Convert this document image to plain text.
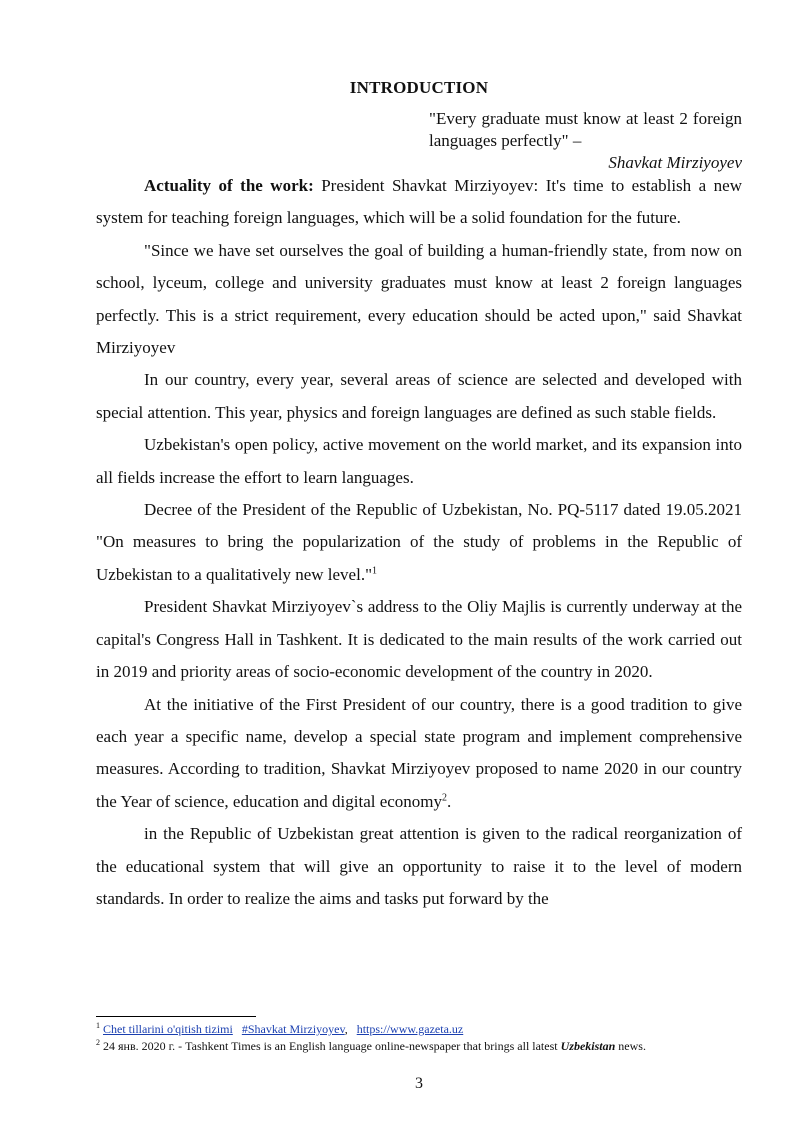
INTRODUCTION
"Every graduate must know at least 2 foreign languages perfectly" –
Shavkat Mirziyoyev

Actuality of the work: President Shavkat Mirziyoyev: It's time to establish a new system for teaching foreign languages, which will be a solid foundation for the future.

"Since we have set ourselves the goal of building a human-friendly state, from now on school, lyceum, college and university graduates must know at least 2 foreign languages perfectly. This is a strict requirement, every education should be acted upon," said Shavkat Mirziyoyev

In our country, every year, several areas of science are selected and developed with special attention. This year, physics and foreign languages are defined as such stable fields.

Uzbekistan's open policy, active movement on the world market, and its expansion into all fields increase the effort to learn languages.

Decree of the President of the Republic of Uzbekistan, No. PQ-5117 dated 19.05.2021 "On measures to bring the popularization of the study of problems in the Republic of Uzbekistan to a qualitatively new level."$^1$

President Shavkat Mirziyoyev`s address to the Oliy Majlis is currently underway at the capital's Congress Hall in Tashkent. It is dedicated to the main results of the work carried out in 2019 and priority areas of socio-economic development of the country in 2020.

At the initiative of the First President of our country, there is a good tradition to give each year a specific name, develop a special state program and implement comprehensive measures. According to tradition, Shavkat Mirziyoyev proposed to name 2020 in our country the Year of science, education and digital economy$^2$.

in the Republic of Uzbekistan great attention is given to the radical reorganization of the educational system that will give an opportunity to raise it to the level of modern standards. In order to realize the aims and tasks put forward by the

$^1$ Chet tillarini o'qitish tizimi #Shavkat Mirziyoyev, https://www.gazeta.uz
$^2$ 24 янв. 2020 г. - Tashkent Times is an English language online-newspaper that brings all latest Uzbekistan news.
3
